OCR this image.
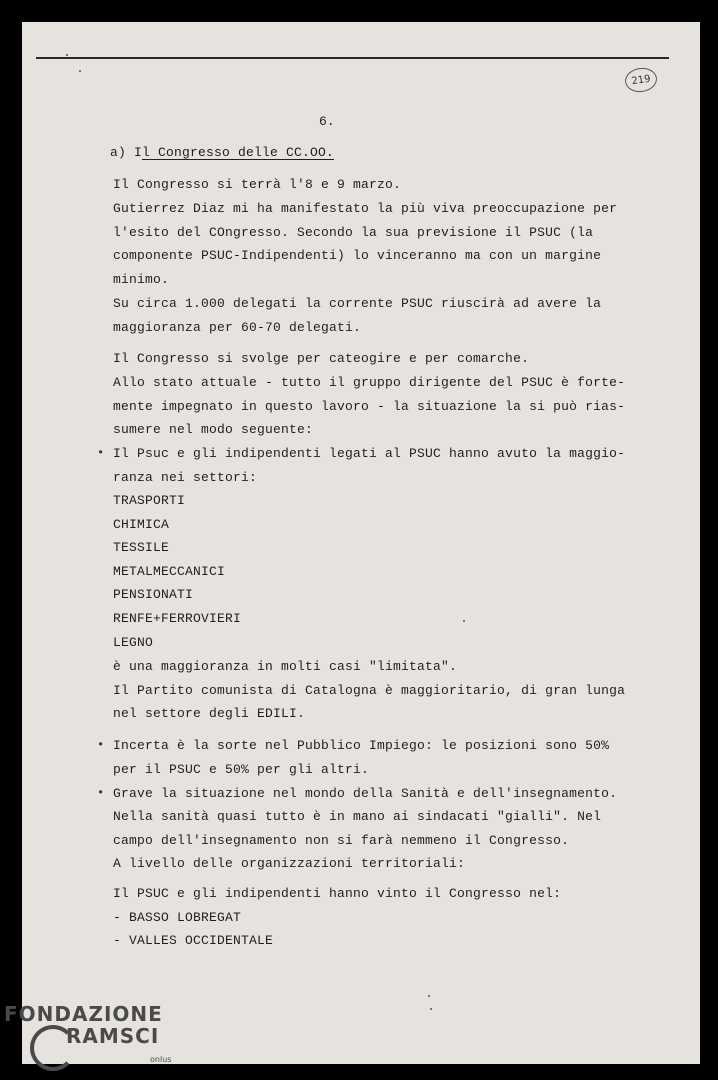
219
6.
a) Il Congresso delle CC.OO.
Il Congresso si terrà l'8 e 9 marzo.
Gutierrez Diaz mi ha manifestato la più viva preoccupazione per
l'esito del COngresso. Secondo la sua previsione il PSUC (la
componente PSUC-Indipendenti) lo vinceranno ma con un margine
minimo.
Su circa 1.000 delegati la corrente PSUC riuscirà ad avere la
maggioranza per 60-70 delegati.
Il Congresso si svolge per cateogire e per comarche.
Allo stato attuale - tutto il gruppo dirigente del PSUC è forte-
mente impegnato in questo lavoro - la situazione la si può rias-
sumere nel modo seguente:
• Il Psuc e gli indipendenti legati al PSUC hanno avuto la maggio-
ranza nei settori:
TRASPORTI
CHIMICA
TESSILE
METALMECCANICI
PENSIONATI
RENFE+FERROVIERI
LEGNO
è una maggioranza in molti casi "limitata".
Il Partito comunista di Catalogna è maggioritario, di gran lunga
nel settore degli EDILI.
• Incerta è la sorte nel Pubblico Impiego: le posizioni sono 50%
per il PSUC e 50% per gli altri.
• Grave la situazione nel mondo della Sanità e dell'insegnamento.
Nella sanità quasi tutto è in mano ai sindacati "gialli". Nel
campo dell'insegnamento non si farà nemmeno il Congresso.
A livello delle organizzazioni territoriali:
Il PSUC e gli indipendenti hanno vinto il Congresso nel:
- BASSO LOBREGAT
- VALLES OCCIDENTALE
FONDAZIONE
RAMSCI
onlus
